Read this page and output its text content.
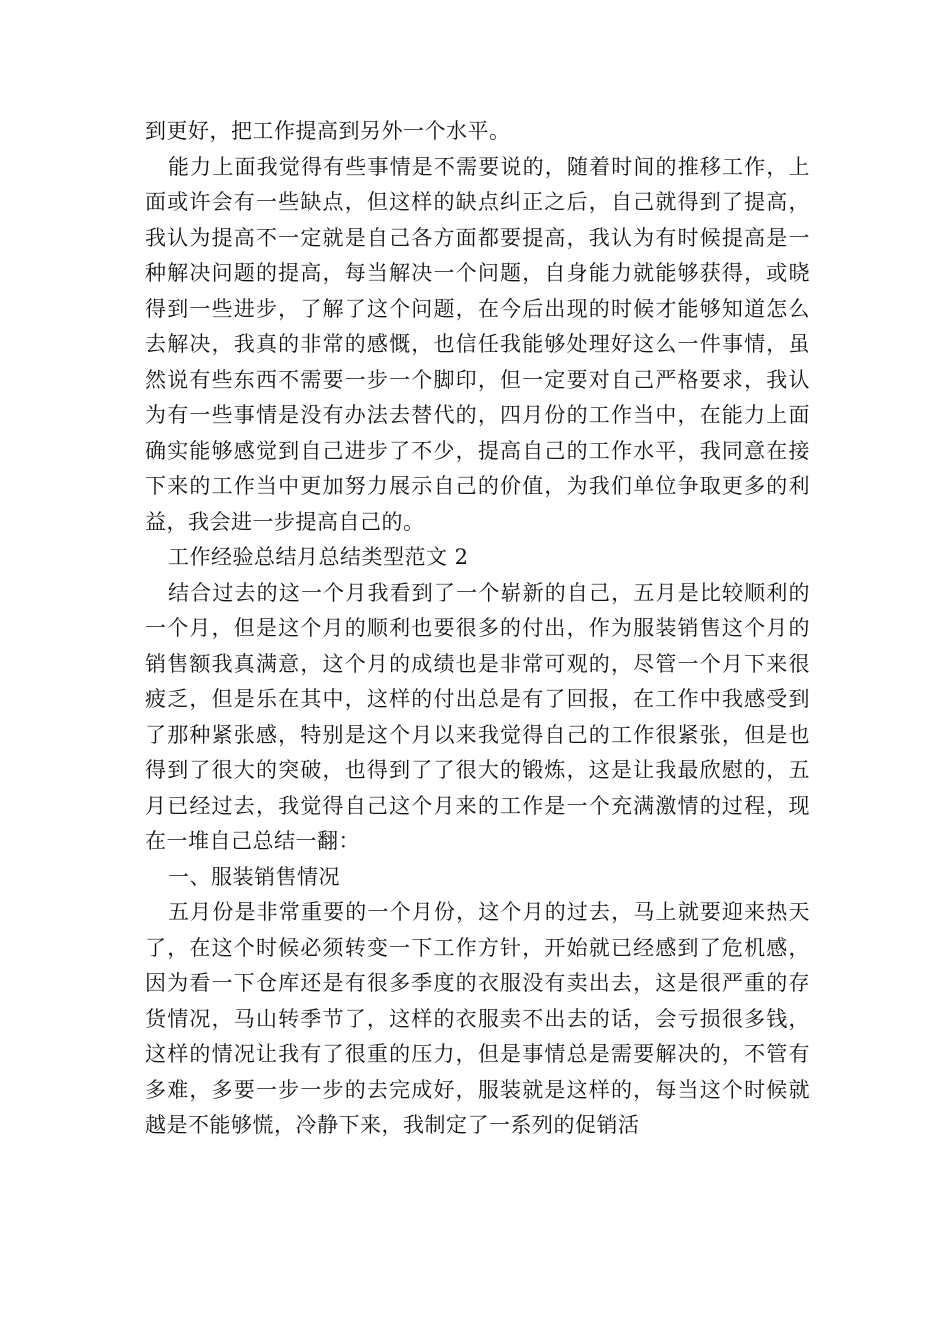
到更好，把工作提高到另外一个水平。

能力上面我觉得有些事情是不需要说的，随着时间的推移工作，上面或许会有一些缺点，但这样的缺点纠正之后，自己就得到了提高，我认为提高不一定就是自己各方面都要提高，我认为有时候提高是一种解决问题的提高，每当解决一个问题，自身能力就能够获得，或晓得到一些进步，了解了这个问题，在今后出现的时候才能够知道怎么去解决，我真的非常的感慨，也信任我能够处理好这么一件事情，虽然说有些东西不需要一步一个脚印，但一定要对自己严格要求，我认为有一些事情是没有办法去替代的，四月份的工作当中，在能力上面确实能够感觉到自己进步了不少，提高自己的工作水平，我同意在接下来的工作当中更加努力展示自己的价值，为我们单位争取更多的利益，我会进一步提高自己的。

工作经验总结月总结类型范文 2

结合过去的这一个月我看到了一个崭新的自己，五月是比较顺利的一个月，但是这个月的顺利也要很多的付出，作为服装销售这个月的销售额我真满意，这个月的成绩也是非常可观的，尽管一个月下来很疲乏，但是乐在其中，这样的付出总是有了回报，在工作中我感受到了那种紧张感，特别是这个月以来我觉得自己的工作很紧张，但是也得到了很大的突破，也得到了了很大的锻炼，这是让我最欣慰的，五月已经过去，我觉得自己这个月来的工作是一个充满激情的过程，现在一堆自己总结一翻：

一、服装销售情况

五月份是非常重要的一个月份，这个月的过去，马上就要迎来热天了，在这个时候必须转变一下工作方针，开始就已经感到了危机感，因为看一下仓库还是有很多季度的衣服没有卖出去，这是很严重的存货情况，马山转季节了，这样的衣服卖不出去的话，会亏损很多钱，这样的情况让我有了很重的压力，但是事情总是需要解决的，不管有多难，多要一步一步的去完成好，服装就是这样的，每当这个时候就越是不能够慌，冷静下来，我制定了一系列的促销活
